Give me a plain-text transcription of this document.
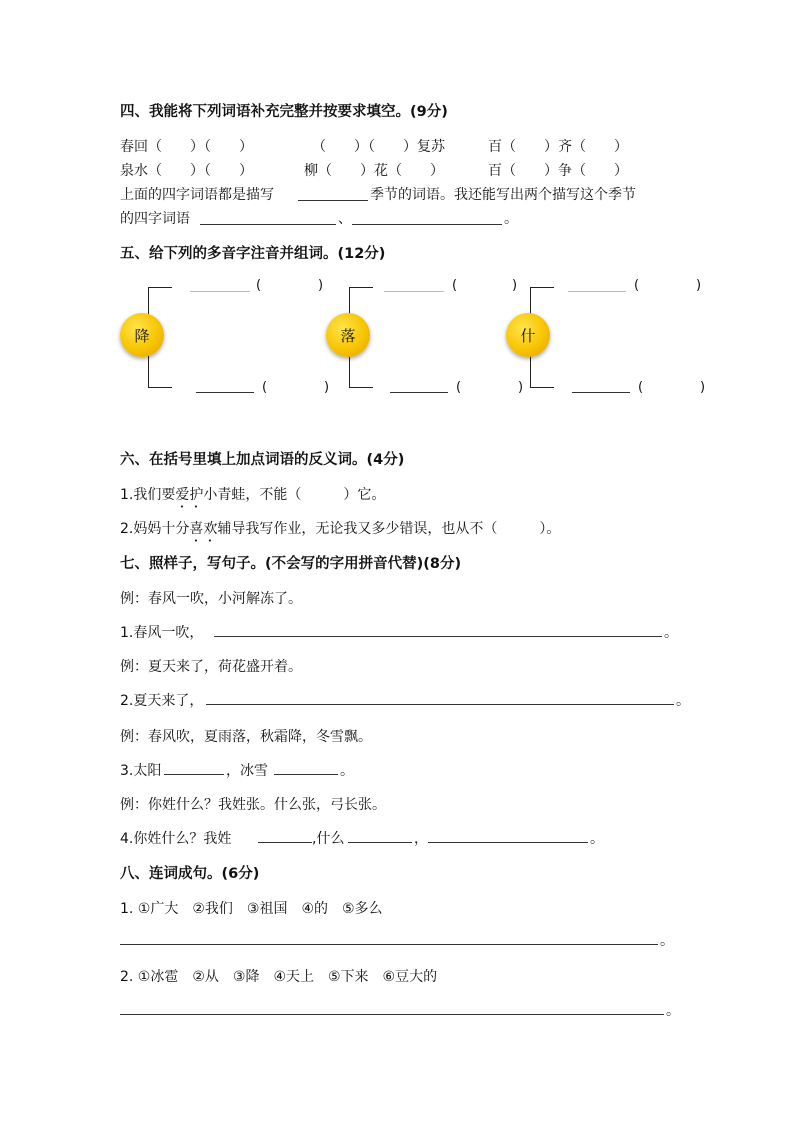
四、我能将下列词语补充完整并按要求填空。(9分)
春回（　　）（　　）	（　　）（　　）复苏	百（　　）齐（　　）
泉水（　　）（　　）	柳（　　）花（　　）	百（　　）争（　　）
上面的四字词语都是描写	季节的词语。我还能写出两个描写这个季节
的四字词语	、	。
五、给下列的多音字注音并组词。(12分)
降
(	)
(	)
落
(	)
(	)
什
(	)
(	)
六、在括号里填上加点词语的反义词。(4分)
1.我们要爱护小青蛙，不能（　　　）它。
2.妈妈十分喜欢辅导我写作业，无论我又多少错误，也从不（　　　）。
七、照样子，写句子。(不会写的字用拼音代替)(8分)
例：春风一吹，小河解冻了。
1.春风一吹，	。
例：夏天来了，荷花盛开着。
2.夏天来了，	。
例：春风吹，夏雨落，秋霜降，冬雪飘。
3.太阳	，冰雪	。
例：你姓什么？我姓张。什么张，弓长张。
4.你姓什么？我姓	,什么	，	。
八、连词成句。(6分)
1. ①广大　②我们　③祖国　④的　⑤多么
。
2. ①冰雹　②从　③降　④天上　⑤下来　⑥豆大的
。
